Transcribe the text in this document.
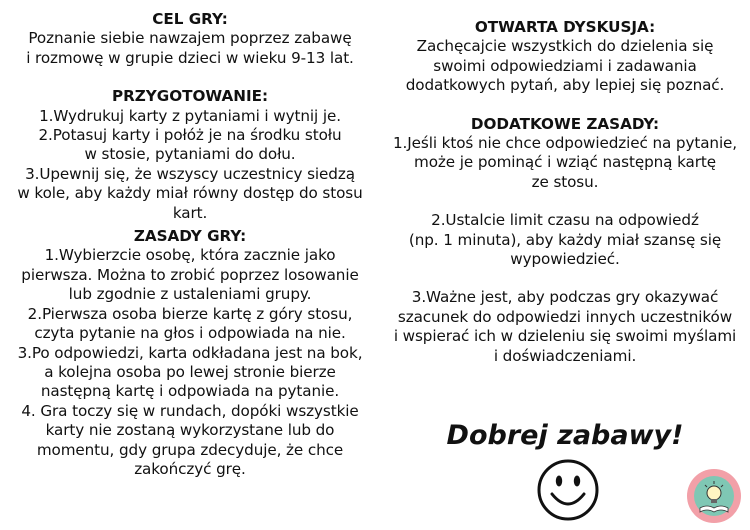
CEL GRY:
Poznanie siebie nawzajem poprzez zabawę
i rozmowę w grupie dzieci w wieku 9-13 lat.
PRZYGOTOWANIE:
1.Wydrukuj karty z pytaniami i wytnij je.
2.Potasuj karty i połóż je na środku stołu
w stosie, pytaniami do dołu.
3.Upewnij się, że wszyscy uczestnicy siedzą
w kole, aby każdy miał równy dostęp do stosu
kart.
ZASADY GRY:
1.Wybierzcie osobę, która zacznie jako
pierwsza. Można to zrobić poprzez losowanie
lub zgodnie z ustaleniami grupy.
2.Pierwsza osoba bierze kartę z góry stosu,
czyta pytanie na głos i odpowiada na nie.
3.Po odpowiedzi, karta odkładana jest na bok,
a kolejna osoba po lewej stronie bierze
następną kartę i odpowiada na pytanie.
4. Gra toczy się w rundach, dopóki wszystkie
karty nie zostaną wykorzystane lub do
momentu, gdy grupa zdecyduje, że chce
zakończyć grę.
OTWARTA DYSKUSJA:
Zachęcajcie wszystkich do dzielenia się
swoimi odpowiedziami i zadawania
dodatkowych pytań, aby lepiej się poznać.
DODATKOWE ZASADY:
1.Jeśli ktoś nie chce odpowiedzieć na pytanie,
może je pominąć i wziąć następną kartę
ze stosu.
2.Ustalcie limit czasu na odpowiedź
(np. 1 minuta), aby każdy miał szansę się
wypowiedzieć.
3.Ważne jest, aby podczas gry okazywać
szacunek do odpowiedzi innych uczestników
i wspierać ich w dzieleniu się swoimi myślami
i doświadczeniami.
Dobrej zabawy!
